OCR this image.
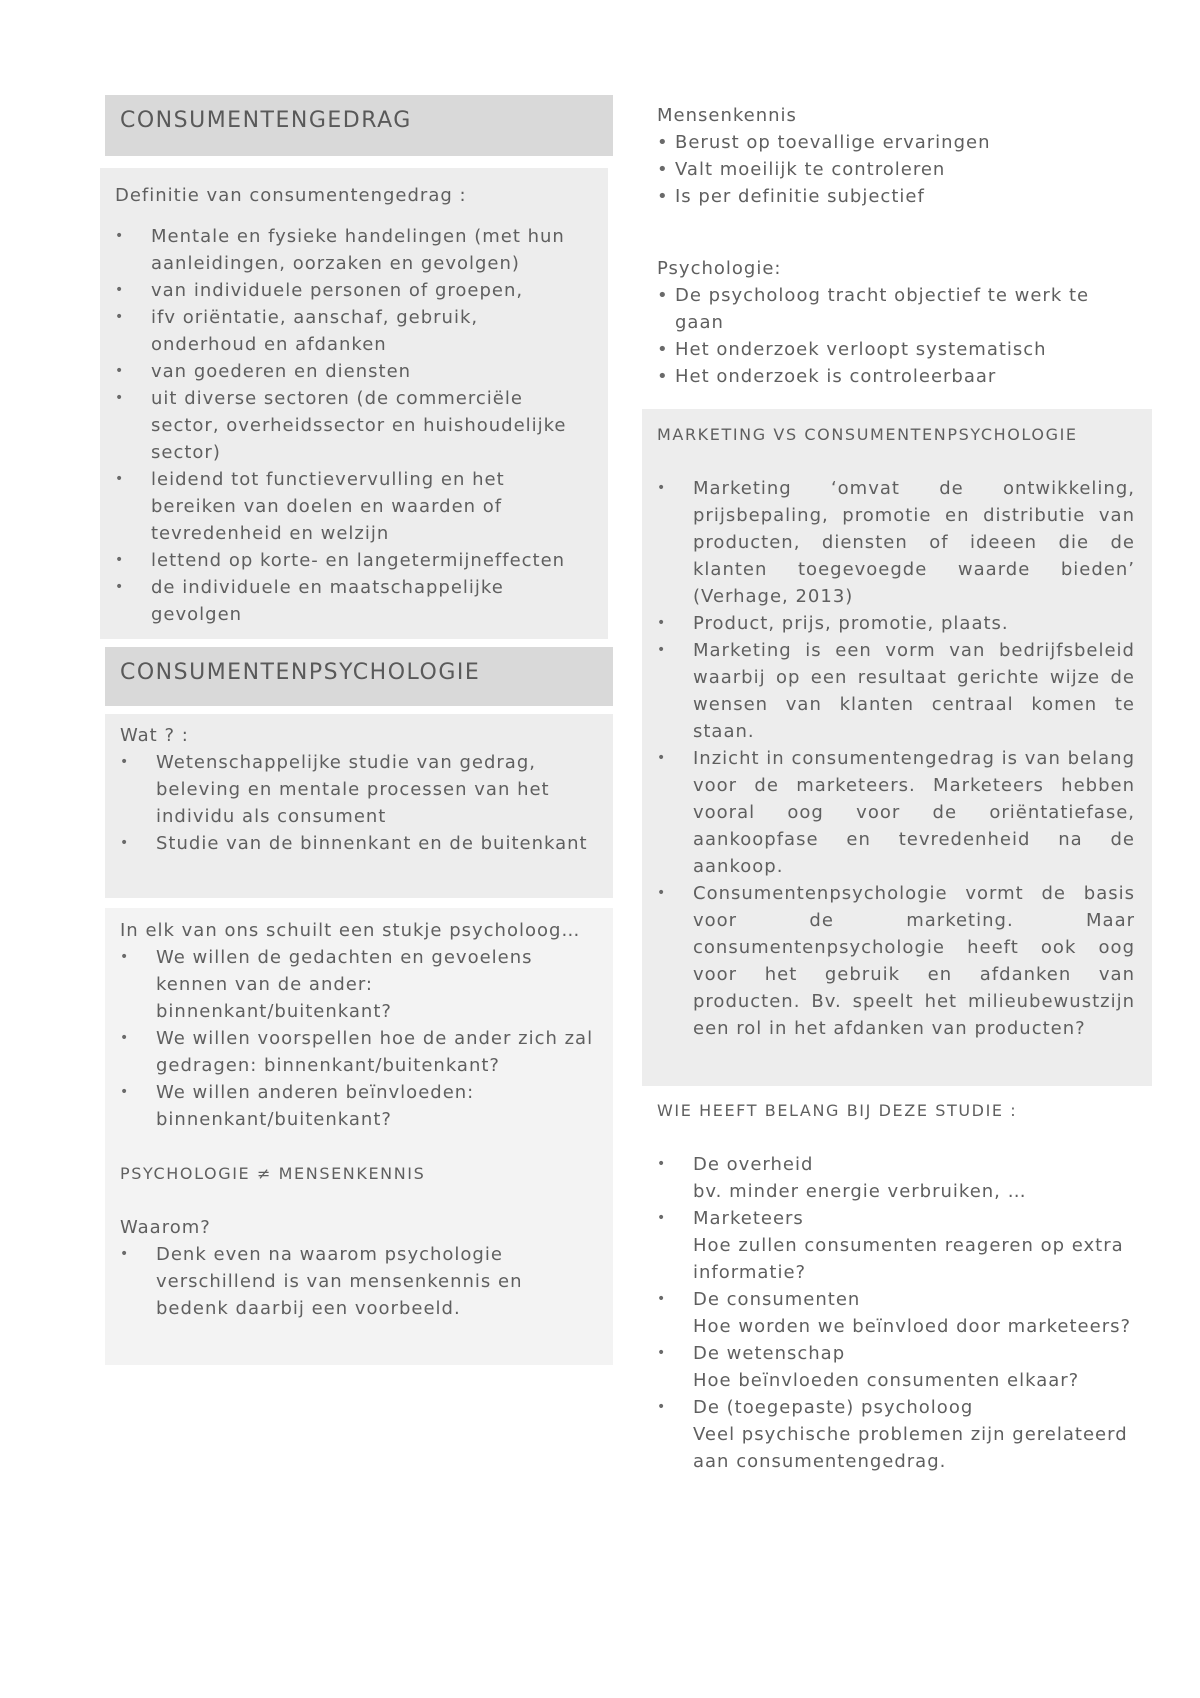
CONSUMENTENGEDRAG
Definitie van consumentengedrag :
• Mentale en fysieke handelingen (met hun aanleidingen, oorzaken en gevolgen)
• van individuele personen of groepen,
• ifv oriëntatie, aanschaf, gebruik, onderhoud en afdanken
• van goederen en diensten
• uit diverse sectoren (de commerciële sector, overheidssector en huishoudelijke sector)
• leidend tot functievervulling en het bereiken van doelen en waarden of tevredenheid en welzijn
• lettend op korte- en langetermijneffecten
• de individuele en maatschappelijke gevolgen
CONSUMENTENPSYCHOLOGIE
Wat ? :
• Wetenschappelijke studie van gedrag, beleving en mentale processen van het individu als consument
• Studie van de binnenkant en de buitenkant
In elk van ons schuilt een stukje psycholoog…
• We willen de gedachten en gevoelens kennen van de ander: binnenkant/buitenkant?
• We willen voorspellen hoe de ander zich zal gedragen: binnenkant/buitenkant?
• We willen anderen beïnvloeden: binnenkant/buitenkant?
PSYCHOLOGIE ≠ MENSENKENNIS
Waarom?
• Denk even na waarom psychologie verschillend is van mensenkennis en bedenk daarbij een voorbeeld.
Mensenkennis
• Berust op toevallige ervaringen
• Valt moeilijk te controleren
• Is per definitie subjectief
Psychologie:
• De psycholoog tracht objectief te werk te gaan
• Het onderzoek verloopt systematisch
• Het onderzoek is controleerbaar
MARKETING VS CONSUMENTENPSYCHOLOGIE
• Marketing ‘omvat de ontwikkeling, prijsbepaling, promotie en distributie van producten, diensten of ideeen die de klanten toegevoegde waarde bieden’ (Verhage, 2013)
• Product, prijs, promotie, plaats.
• Marketing is een vorm van bedrijfsbeleid waarbij op een resultaat gerichte wijze de wensen van klanten centraal komen te staan.
• Inzicht in consumentengedrag is van belang voor de marketeers. Marketeers hebben vooral oog voor de oriëntatiefase, aankoopfase en tevredenheid na de aankoop.
• Consumentenpsychologie vormt de basis voor de marketing. Maar consumentenpsychologie heeft ook oog voor het gebruik en afdanken van producten. Bv. speelt het milieubewustzijn een rol in het afdanken van producten?
WIE HEEFT BELANG BIJ DEZE STUDIE :
• De overheid
bv. minder energie verbruiken, …
• Marketeers
Hoe zullen consumenten reageren op extra informatie?
• De consumenten
Hoe worden we beïnvloed door marketeers?
• De wetenschap
Hoe beïnvloeden consumenten elkaar?
• De (toegepaste) psycholoog
Veel psychische problemen zijn gerelateerd aan consumentengedrag.
